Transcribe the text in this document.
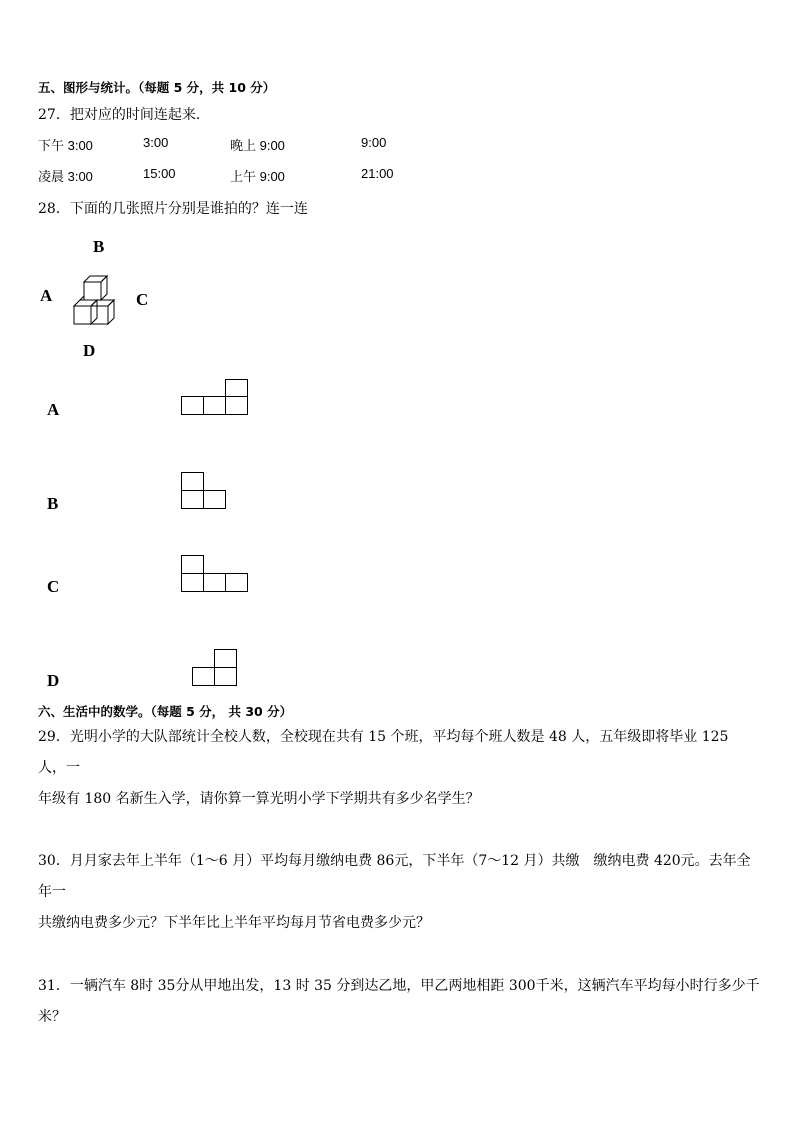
五、图形与统计。（每题 5 分，共 10 分）
27．把对应的时间连起来．
下午 3:00	3:00	晚上 9:00	9:00
凌晨 3:00	15:00	上午 9:00	21:00
28．下面的几张照片分别是谁拍的？连一连
B
A	C
D
A
B
C
D
六、生活中的数学。（每题 5 分， 共 30 分）
29．光明小学的大队部统计全校人数，全校现在共有 15 个班，平均每个班人数是 48 人，五年级即将毕业 125 人，一
年级有 180 名新生入学，请你算一算光明小学下学期共有多少名学生？
30．月月家去年上半年（1～6 月）平均每月缴纳电费 86元，下半年（7～12 月）共缴　缴纳电费 420元。去年全年一
共缴纳电费多少元？下半年比上半年平均每月节省电费多少元？
31．一辆汽车 8时 35分从甲地出发，13 时 35 分到达乙地，甲乙两地相距 300千米，这辆汽车平均每小时行多少千米？
